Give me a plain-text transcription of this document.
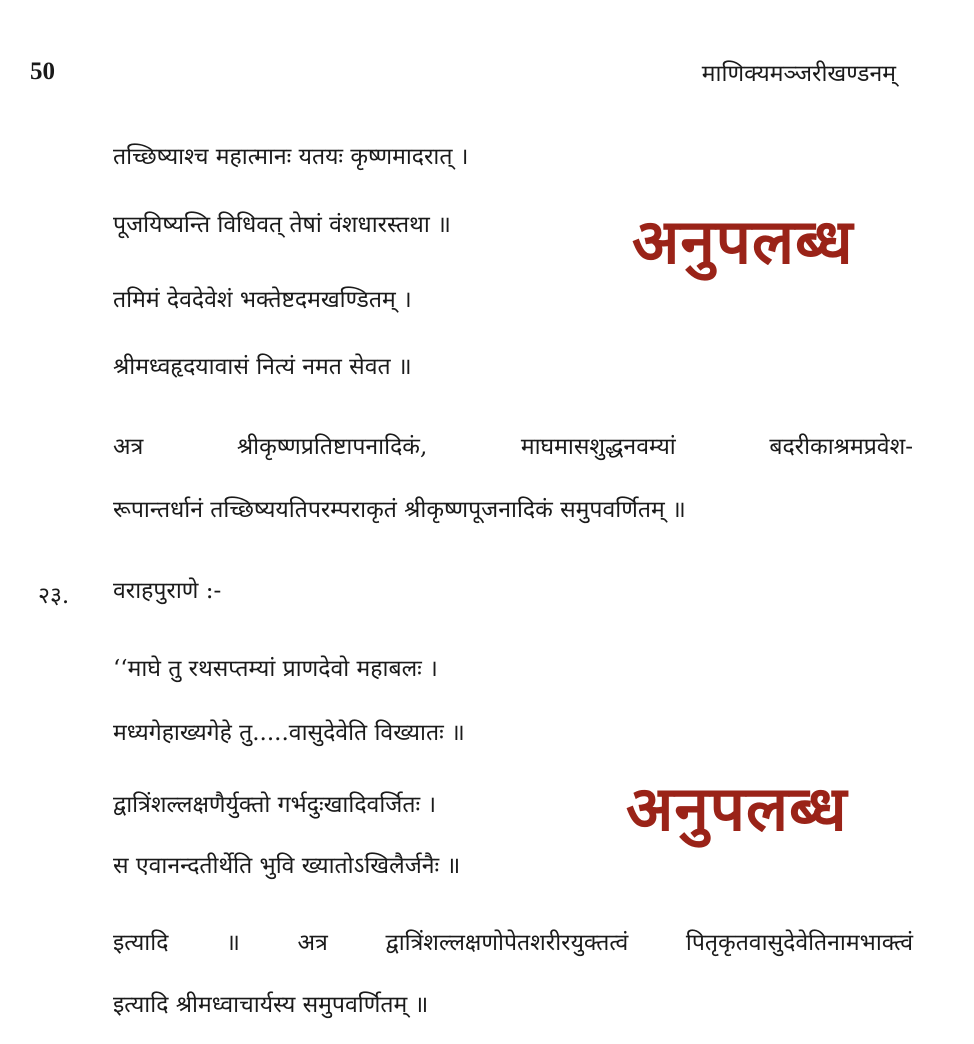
50	माणिक्यमञ्जरीखण्डनम्
तच्छिष्याश्च महात्मानः यतयः कृष्णमादरात् ।
पूजयिष्यन्ति विधिवत् तेषां वंशधारस्तथा ॥
तमिमं देवदेवेशं भक्तेष्टदमखण्डितम् ।
श्रीमध्वहृदयावासं नित्यं नमत सेवत ॥
अनुपलब्ध
अत्र श्रीकृष्णप्रतिष्टापनादिकं, माघमासशुद्धनवम्यां बदरीकाश्रमप्रवेश-
रूपान्तर्धानं तच्छिष्ययतिपरम्पराकृतं श्रीकृष्णपूजनादिकं समुपवर्णितम् ॥
२३. वराहपुराणे :-
‘‘माघे तु रथसप्तम्यां प्राणदेवो महाबलः ।
मध्यगेहाख्यगेहे तु.....वासुदेवेति विख्यातः ॥
द्वात्रिंशल्लक्षणैर्युक्तो गर्भदुःखादिवर्जितः ।
स एवानन्दतीर्थेति भुवि ख्यातोऽखिलैर्जनैः ॥
अनुपलब्ध
इत्यादि ॥ अत्र द्वात्रिंशल्लक्षणोपेतशरीरयुक्तत्वं पितृकृतवासुदेवेतिनामभाक्त्वं
इत्यादि श्रीमध्वाचार्यस्य समुपवर्णितम् ॥
